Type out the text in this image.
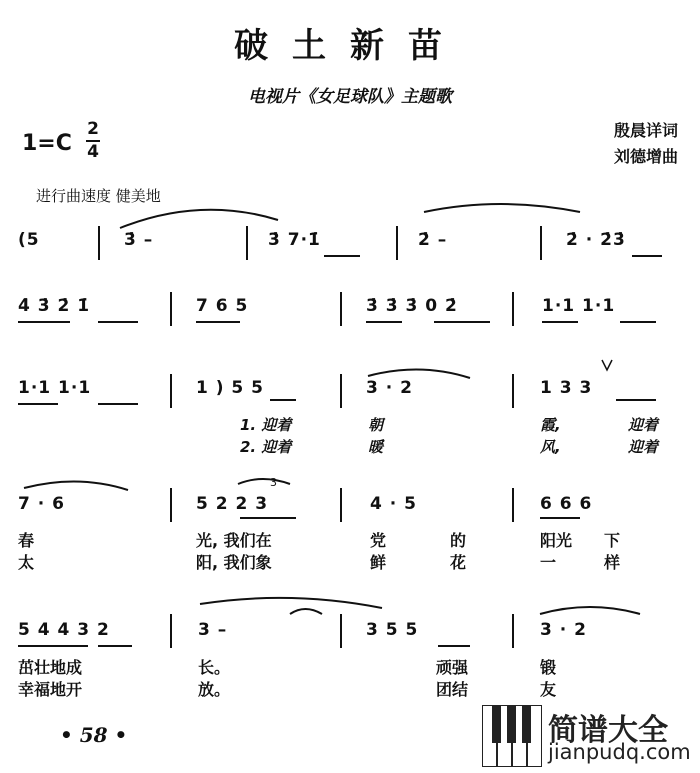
破土新苗
电视片《女足球队》主题歌
1=C
2
4
殷晨详词
刘德增曲
进行曲速度 健美地
(5	3̇ –	3̇ 7·1̇	2̇ –	2̇ · 2̇3̇
4̇ 3̇ 2̇ 1̇	7 6 5	3̇ 3̇ 3̇ 0 2̇	1·1 1·1
1·1 1·1	1 ) 5 5	3 · 2	1 3 3
1. 迎着	朝	霞,	迎着
2. 迎着	暖	风,	迎着
7 · 6	5 2 2 3	4 · 5	6 6 6
春	光, 我们在	党	的	阳光 下
太	阳, 我们象	鲜	花	一	样
5 4 4 3 2	3 –	3 5 5	3 · 2
茁壮地成	长。	顽强	锻
幸福地开	放。	团结	友
3
• 58 •	简谱大全
jianpudq.com
